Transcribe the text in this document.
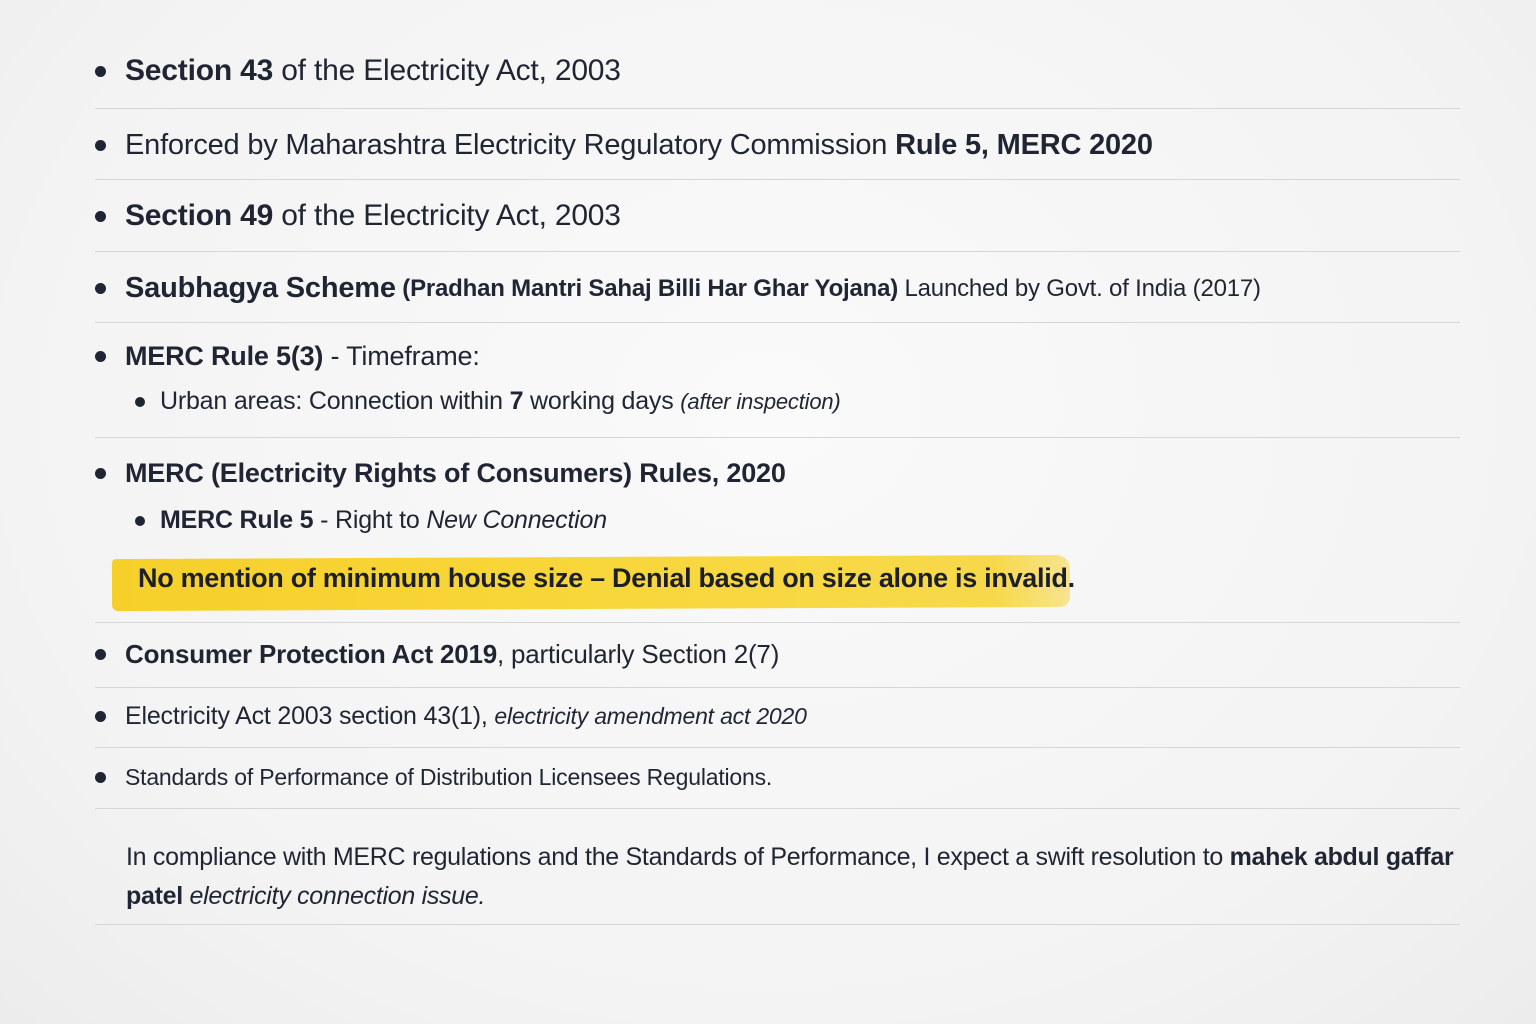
Section 43 of the Electricity Act, 2003
Enforced by Maharashtra Electricity Regulatory Commission Rule 5, MERC 2020
Section 49 of the Electricity Act, 2003
Saubhagya Scheme (Pradhan Mantri Sahaj Billi Har Ghar Yojana) Launched by Govt. of India (2017)
MERC Rule 5(3) - Timeframe:
Urban areas: Connection within 7 working days (after inspection)
MERC (Electricity Rights of Consumers) Rules, 2020
MERC Rule 5 - Right to New Connection
No mention of minimum house size – Denial based on size alone is invalid.
Consumer Protection Act 2019 , particularly Section 2(7)
Electricity Act 2003 section 43(1), electricity amendment act 2020
Standards of Performance of Distribution Licensees Regulations.
In compliance with MERC regulations and the Standards of Performance, I expect a swift resolution to mahek abdul gaffar patel electricity connection issue.
